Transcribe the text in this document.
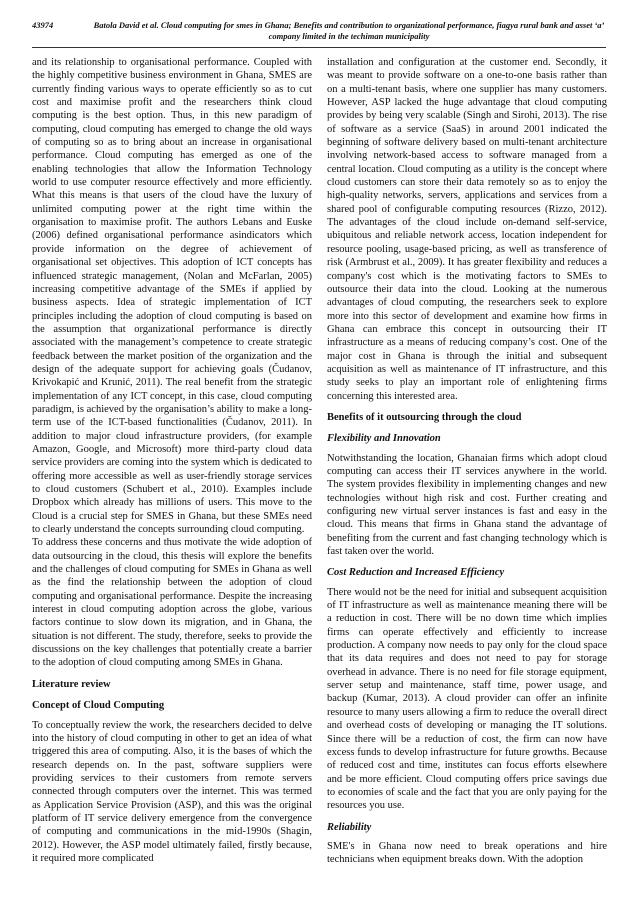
43974	Batola David et al. Cloud computing for smes in Ghana; Benefits and contribution to organizational performance, fiagya rural bank and asset ‘a’ company limited in the techiman municipality

and its relationship to organisational performance. Coupled with the highly competitive business environment in Ghana, SMES are currently finding various ways to operate efficiently so as to cut cost and maximise profit and the researchers think cloud computing is the best option. Thus, in this new paradigm of computing, cloud computing has emerged to change the old ways of computing so as to bring about an increase in organisational performance. Cloud computing has emerged as one of the enabling technologies that allow the Information Technology world to use computer resource effectively and more efficiently. What this means is that users of the cloud have the luxury of unlimited computing power at the right time within the organisation to maximise profit. The authors Lebans and Euske (2006) defined organisational performance asindicators which provide information on the degree of achievement of organisational set objectives. This adoption of ICT concepts has influenced strategic management, (Nolan and McFarlan, 2005) increasing competitive advantage of the SMEs if applied by business aspects. Idea of strategic implementation of ICT principles including the adoption of cloud computing is based on the assumption that organizational performance is directly associated with the management’s competence to create strategic feedback between the market position of the organization and the design of the adequate support for achieving goals (Čudanov, Krivokapić and Krunić, 2011). The real benefit from the strategic implementation of any ICT concept, in this case, cloud computing paradigm, is achieved by the organisation’s ability to make a long-term use of the ICT-based functionalities (Čudanov, 2011). In addition to major cloud infrastructure providers, (for example Amazon, Google, and Microsoft) more third-party cloud data service providers are coming into the system which is dedicated to offering more accessible as well as user-friendly storage services to cloud customers (Schubert et al., 2010). Examples include Dropbox which already has millions of users. This move to the Cloud is a crucial step for SMES in Ghana, but these SMEs need to clearly understand the concepts surrounding cloud computing.

To address these concerns and thus motivate the wide adoption of data outsourcing in the cloud, this thesis will explore the benefits and the challenges of cloud computing for SMEs in Ghana as well as the find the relationship between the adoption of cloud computing and organisational performance. Despite the increasing interest in cloud computing adoption across the globe, various factors continue to slow down its migration, and in Ghana, the situation is not different. The study, therefore, seeks to provide the discussions on the key challenges that potentially create a barrier to the adoption of cloud computing among SMEs in Ghana.

Literature review
Concept of Cloud Computing

To conceptually review the work, the researchers decided to delve into the history of cloud computing in other to get an idea of what triggered this area of computing. Also, it is the bases of which the research depends on. In the past, software suppliers were providing services to their customers from remote servers connected through computers over the internet. This was termed as Application Service Provision (ASP), and this was the original platform of IT service delivery emergence from the convergence of computing and communications in the mid-1990s (Shagin, 2012). However, the ASP model ultimately failed, firstly because, it required more complicated

installation and configuration at the customer end. Secondly, it was meant to provide software on a one-to-one basis rather than on a multi-tenant basis, where one supplier has many customers. However, ASP lacked the huge advantage that cloud computing provides by being very scalable (Singh and Sirohi, 2013). The rise of software as a service (SaaS) in around 2001 indicated the beginning of software delivery based on multi-tenant architecture involving network-based access to software managed from a central location. Cloud computing as a utility is the concept where cloud customers can store their data remotely so as to enjoy the high-quality networks, servers, applications and services from a shared pool of configurable computing resources (Rizzo, 2012). The advantages of the cloud include on-demand self-service, ubiquitous and reliable network access, location independent for resource pooling, usage-based pricing, as well as transference of risk (Armbrust et al., 2009). It has greater flexibility and reduces a company's cost which is the motivating factors to SMEs to outsource their data into the cloud. Looking at the numerous advantages of cloud computing, the researchers seek to explore more into this sector of development and examine how firms in Ghana can embrace this concept in outsourcing their IT infrastructure as a means of reducing company’s cost. One of the major cost in Ghana is through the initial and subsequent acquisition as well as maintenance of IT infrastructure, and this study seeks to play an important role of enlightening firms concerning this interested area.

Benefits of it outsourcing through the cloud
Flexibility and Innovation

Notwithstanding the location, Ghanaian firms which adopt cloud computing can access their IT services anywhere in the world. The system provides flexibility in implementing changes and new technologies without high risk and cost. Further creating and configuring new virtual server instances is fast and easy in the cloud. This means that firms in Ghana stand the advantage of benefiting from the current and fast changing technology which is fast taken over the world.

Cost Reduction and Increased Efficiency

There would not be the need for initial and subsequent acquisition of IT infrastructure as well as maintenance meaning there will be a reduction in cost. There will be no down time which implies firms can operate effectively and efficiently to increase production. A company now needs to pay only for the cloud space that its data requires and does not need to pay for storage overhead in advance. There is no need for file storage equipment, server setup and maintenance, staff time, power usage, and backup (Kumar, 2013). A cloud provider can offer an infinite resource to many users allowing a firm to reduce the overall direct and overhead costs of developing or managing the IT solutions. Since there will be a reduction of cost, the firm can now have excess funds to develop infrastructure for future growths. Because of reduced cost and time, institutes can focus efforts elsewhere and be more efficient. Cloud computing offers price savings due to economies of scale and the fact that you are only paying for the resources you use.

Reliability

SME's in Ghana now need to break operations and hire technicians when equipment breaks down. With the adoption
